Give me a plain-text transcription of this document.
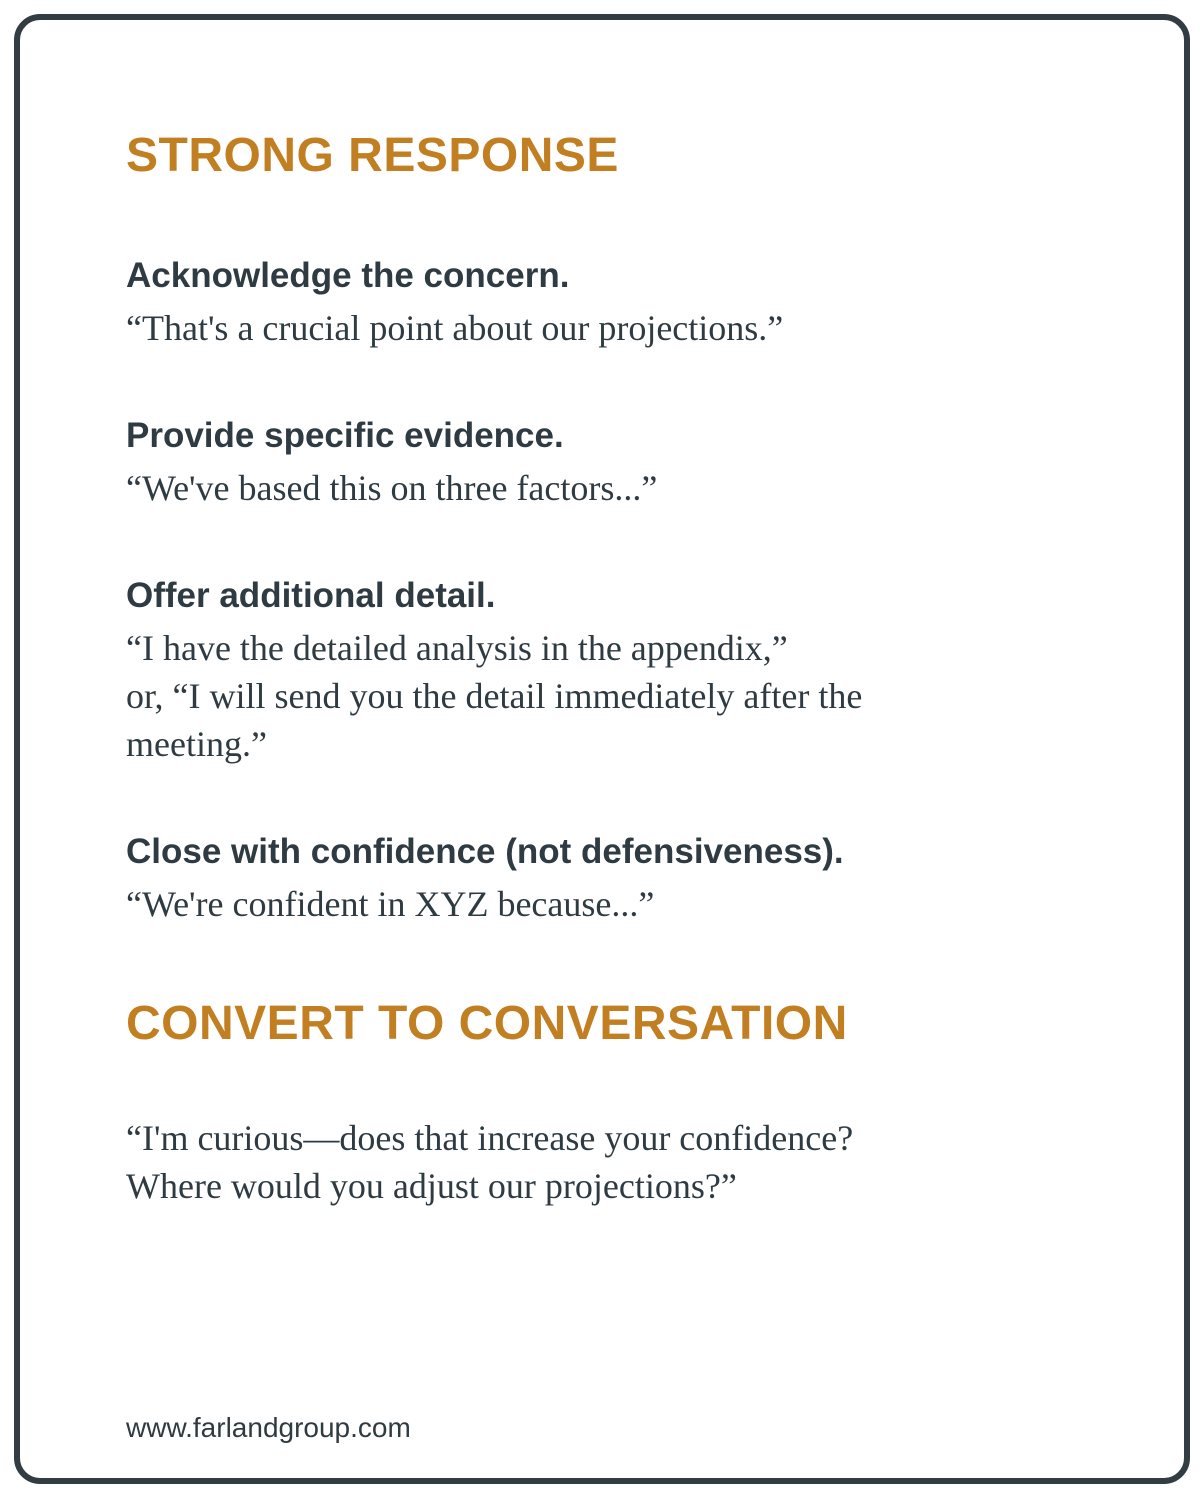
STRONG RESPONSE
Acknowledge the concern.

“That's a crucial point about our projections.”

Provide specific evidence.

“We've based this on three factors...”

Offer additional detail.

“I have the detailed analysis in the appendix,”

or, “I will send you the detail immediately after the

meeting.”

Close with confidence (not defensiveness).

“We're confident in XYZ because...”

CONVERT TO CONVERSATION

“I'm curious—does that increase your confidence?

Where would you adjust our projections?”

www.farlandgroup.com
